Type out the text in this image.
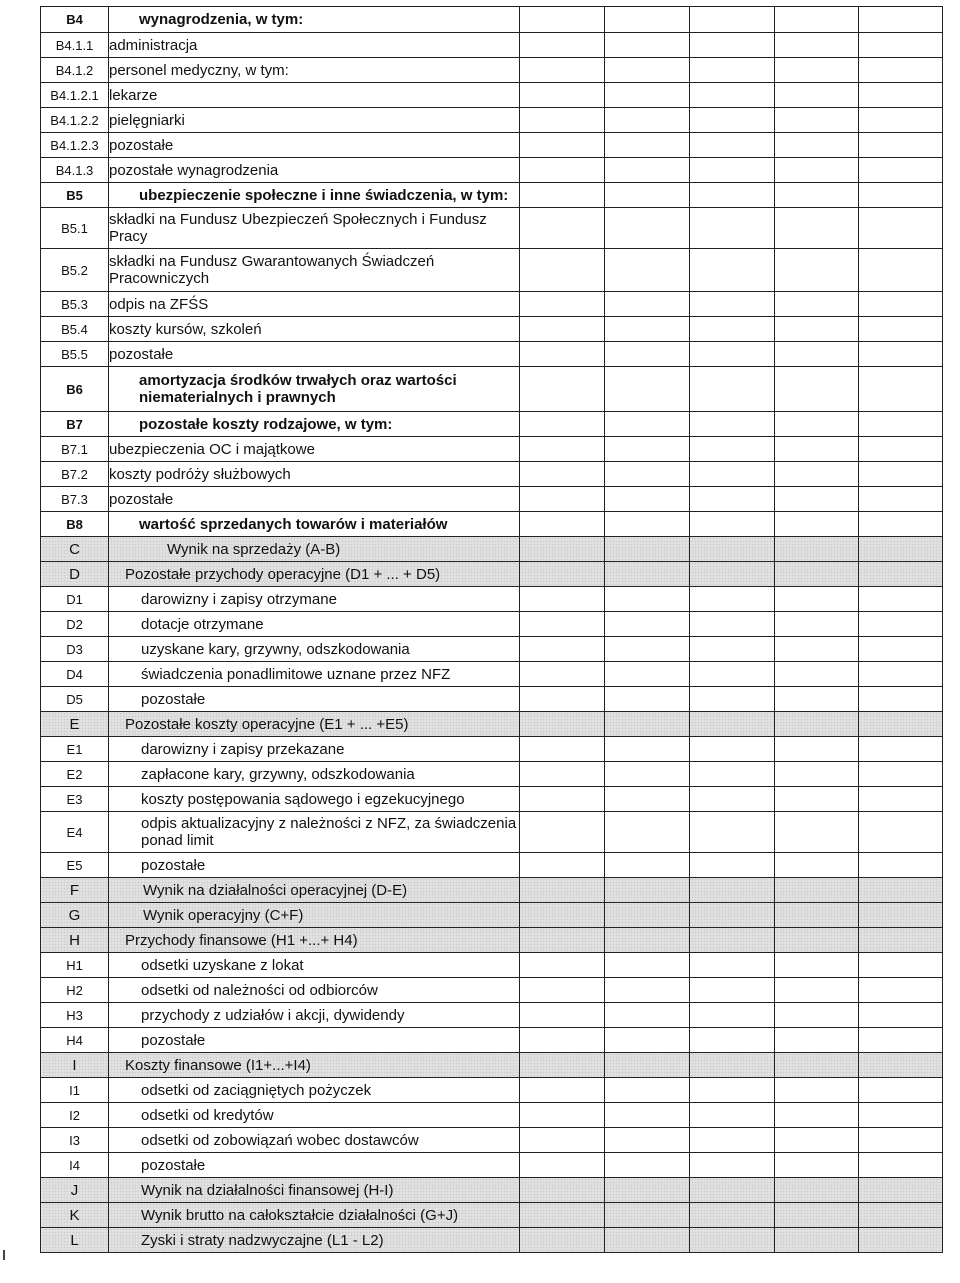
B4	wynagrodzenia, w tym:					
B4.1.1	administracja					
B4.1.2	personel medyczny, w tym:					
B4.1.2.1	lekarze					
B4.1.2.2	pielęgniarki					
B4.1.2.3	pozostałe					
B4.1.3	pozostałe wynagrodzenia					
B5	ubezpieczenie społeczne i inne świadczenia, w tym:					
B5.1	składki na Fundusz Ubezpieczeń Społecznych i Fundusz Pracy					
B5.2	składki na Fundusz Gwarantowanych Świadczeń Pracowniczych					
B5.3	odpis na ZFŚS					
B5.4	koszty kursów, szkoleń					
B5.5	pozostałe					
B6	amortyzacja środków trwałych oraz wartości niematerialnych i prawnych					
B7	pozostałe koszty rodzajowe, w tym:					
B7.1	ubezpieczenia OC i majątkowe					
B7.2	koszty podróży służbowych					
B7.3	pozostałe					
B8	wartość sprzedanych towarów i materiałów					
C	Wynik na sprzedaży (A-B)					
D	Pozostałe przychody operacyjne (D1 + ... + D5)					
D1	darowizny i zapisy otrzymane					
D2	dotacje otrzymane					
D3	uzyskane kary, grzywny, odszkodowania					
D4	świadczenia ponadlimitowe uznane przez NFZ					
D5	pozostałe					
E	Pozostałe koszty operacyjne (E1 + ... +E5)					
E1	darowizny i zapisy przekazane					
E2	zapłacone kary, grzywny, odszkodowania					
E3	koszty postępowania sądowego i egzekucyjnego					
E4	odpis aktualizacyjny z należności z NFZ, za świadczenia ponad limit					
E5	pozostałe					
F	Wynik na działalności operacyjnej (D-E)					
G	Wynik operacyjny (C+F)					
H	Przychody finansowe (H1 +...+ H4)					
H1	odsetki uzyskane z lokat					
H2	odsetki od należności od odbiorców					
H3	przychody z udziałów i akcji, dywidendy					
H4	pozostałe					
I	Koszty finansowe (I1+...+I4)					
I1	odsetki od zaciągniętych pożyczek					
I2	odsetki od kredytów					
I3	odsetki od zobowiązań wobec dostawców					
I4	pozostałe					
J	Wynik na działalności finansowej (H-I)					
K	Wynik brutto na całokształcie działalności (G+J)					
L	Zyski i straty nadzwyczajne (L1 - L2)					
